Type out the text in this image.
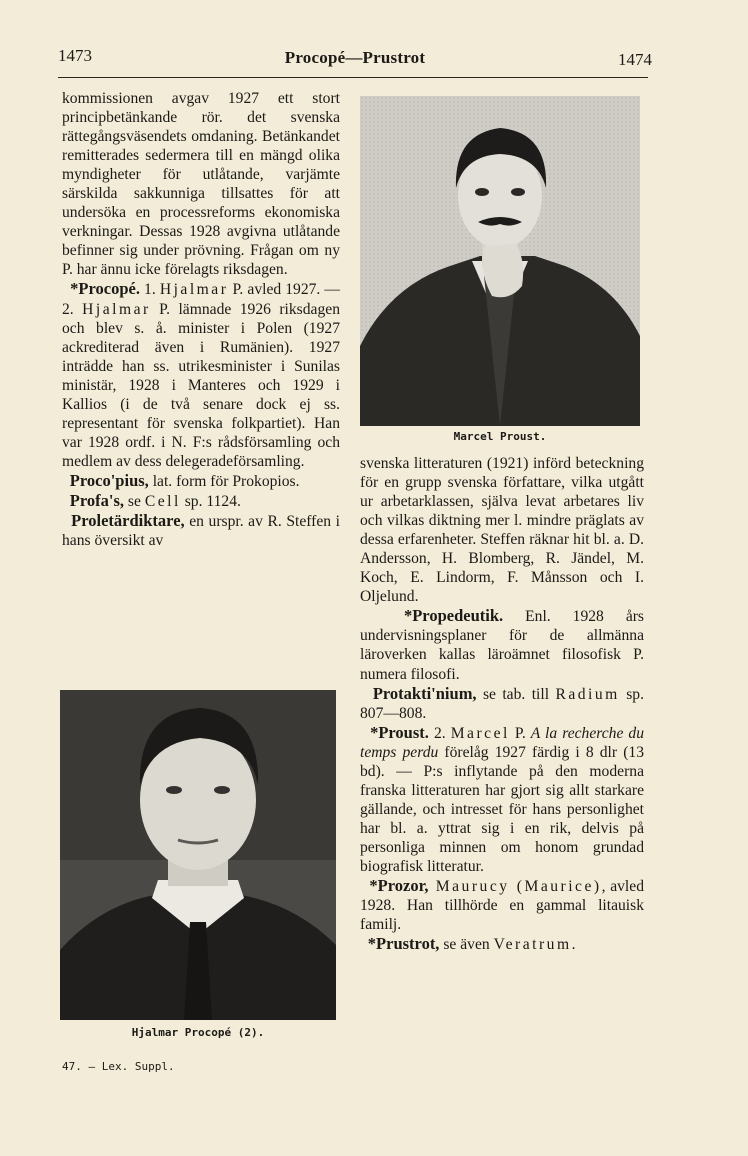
1473	Procopé—Prustrot	1474

kommissionen avgav 1927 ett stort principbetänkande rör. det svenska rättegångsväsendets omdaning. Betänkandet remitterades sedermera till en mängd olika myndigheter för utlåtande, varjämte särskilda sakkunniga tillsattes för att undersöka en processreforms ekonomiska verkningar. Dessas 1928 avgivna utlåtande befinner sig under prövning. Frågan om ny P. har ännu icke förelagts riksdagen.

*Procopé. 1. Hjalmar P. avled 1927. — 2. Hjalmar P. lämnade 1926 riksdagen och blev s. å. minister i Polen (1927 ackrediterad även i Rumänien). 1927 inträdde han ss. utrikesminister i Sunilas ministär, 1928 i Manteres och 1929 i Kallios (i de två senare dock ej ss. representant för svenska folkpartiet). Han var 1928 ordf. i N. F:s rådsförsamling och medlem av dess delegeradeförsamling.

Proco'pius, lat. form för Prokopios.

Profa's, se Cell sp. 1124.

Proletärdiktare, en urspr. av R. Steffen i hans översikt av

Marcel Proust.

svenska litteraturen (1921) införd beteckning för en grupp svenska författare, vilka utgått ur arbetarklassen, själva levat arbetares liv och vilkas diktning mer l. mindre präglats av dessa erfarenheter. Steffen räknar hit bl. a. D. Andersson, H. Blomberg, R. Jändel, M. Koch, E. Lindorm, F. Månsson och I. Oljelund.

*Propedeutik. Enl. 1928 års undervisningsplaner för de allmänna läroverken kallas läroämnet filosofisk P. numera filosofi.

Protakti'nium, se tab. till Radium sp. 807—808.

*Proust. 2. Marcel P. A la recherche du temps perdu förelåg 1927 färdig i 8 dlr (13 bd). — P:s inflytande på den moderna franska litteraturen har gjort sig allt starkare gällande, och intresset för hans personlighet har bl. a. yttrat sig i en rik, delvis på personliga minnen om honom grundad biografisk litteratur.

*Prozor, Maurucy (Maurice), avled 1928. Han tillhörde en gammal litauisk familj.

*Prustrot, se även Veratrum.

Hjalmar Procopé (2).
47. — Lex. Suppl.
